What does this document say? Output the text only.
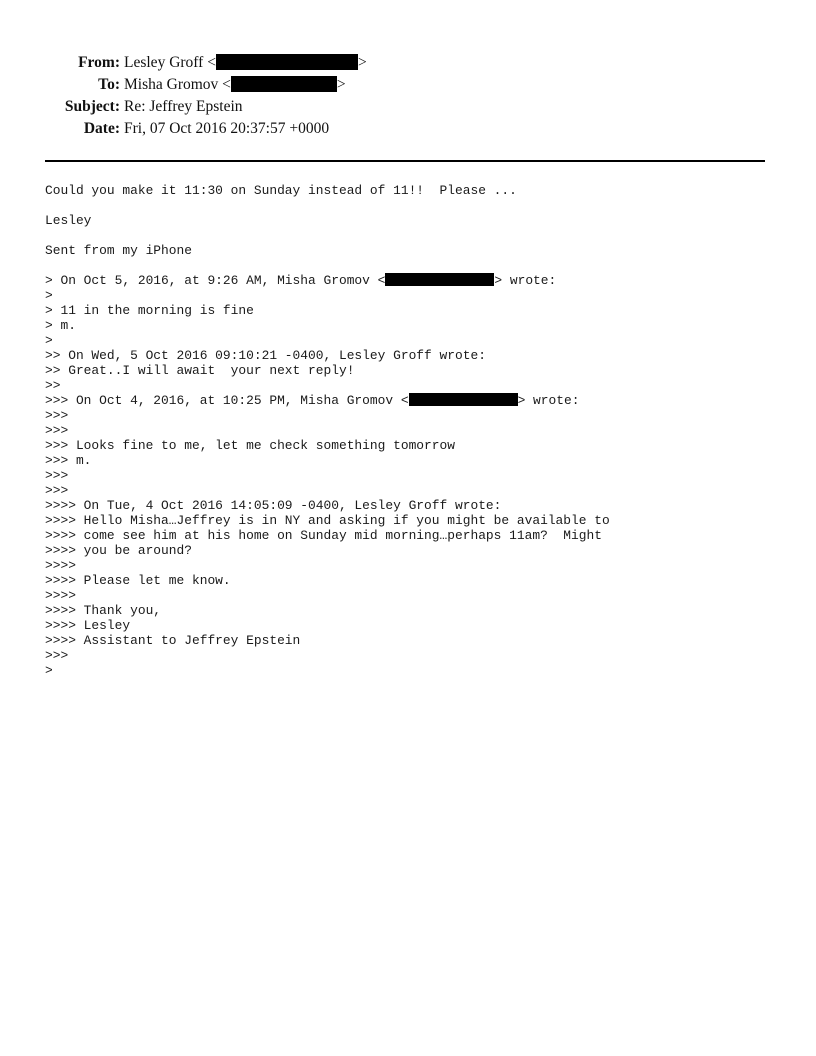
From: Lesley Groff <	>
To: Misha Gromov <	>
Subject: Re: Jeffrey Epstein
Date: Fri, 07 Oct 2016 20:37:57 +0000
Could you make it 11:30 on Sunday instead of 11!!  Please ...
Lesley
Sent from my iPhone
> On Oct 5, 2016, at 9:26 AM, Misha Gromov <	> wrote:
>
> 11 in the morning is fine
> m.
>
>> On Wed, 5 Oct 2016 09:10:21 -0400, Lesley Groff wrote:
>> Great..I will await  your next reply!
>>
>>> On Oct 4, 2016, at 10:25 PM, Misha Gromov <	> wrote:
>>>
>>>
>>> Looks fine to me, let me check something tomorrow
>>> m.
>>>
>>>
>>>> On Tue, 4 Oct 2016 14:05:09 -0400, Lesley Groff wrote:
>>>> Hello Misha…Jeffrey is in NY and asking if you might be available to
>>>> come see him at his home on Sunday mid morning…perhaps 11am?  Might
>>>> you be around?
>>>>
>>>> Please let me know.
>>>>
>>>> Thank you,
>>>> Lesley
>>>> Assistant to Jeffrey Epstein
>>>
>
